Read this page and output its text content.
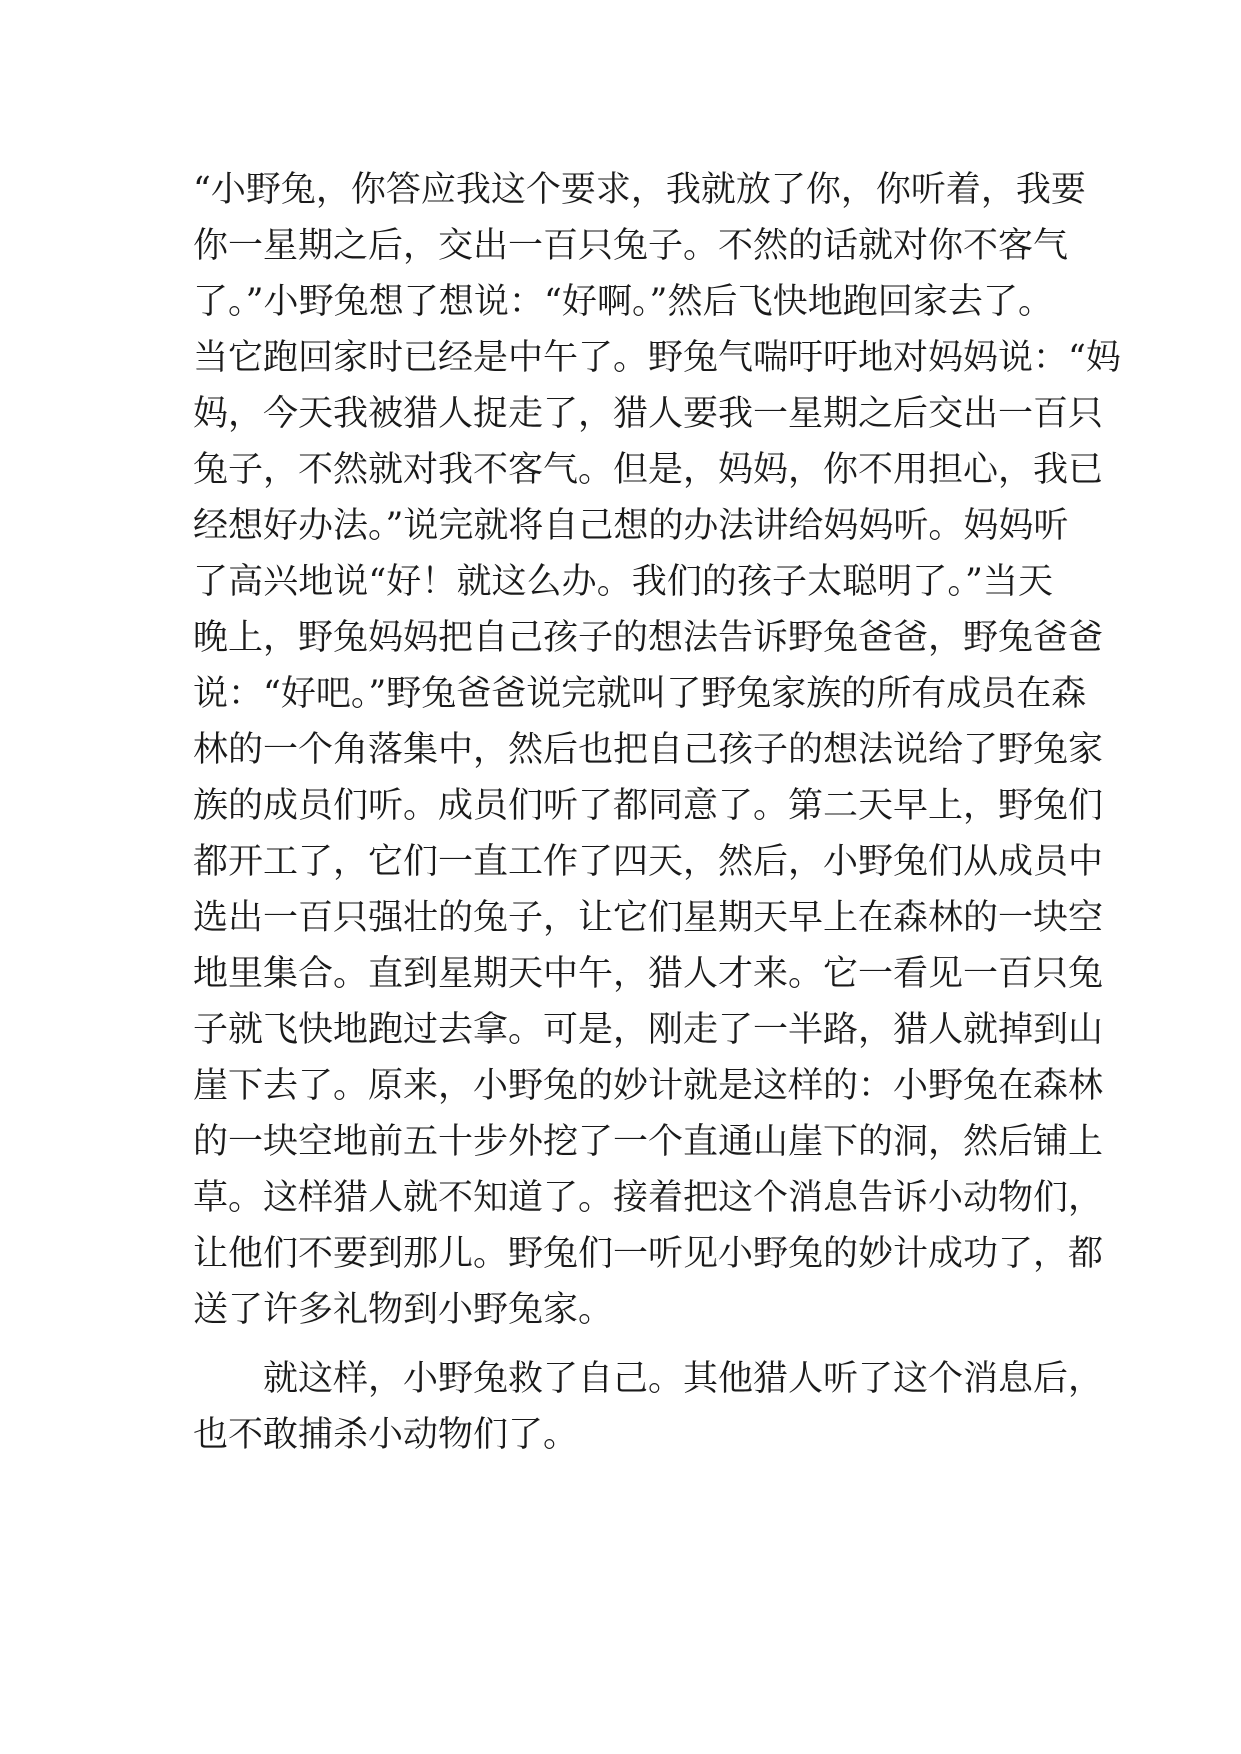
“小野兔，你答应我这个要求，我就放了你，你听着，我要
你一星期之后，交出一百只兔子。不然的话就对你不客气
了。”小野兔想了想说：“好啊。”然后飞快地跑回家去了。
当它跑回家时已经是中午了。野兔气喘吁吁地对妈妈说：“妈
妈，今天我被猎人捉走了，猎人要我一星期之后交出一百只
兔子，不然就对我不客气。但是，妈妈，你不用担心，我已
经想好办法。”说完就将自己想的办法讲给妈妈听。妈妈听
了高兴地说“好！就这么办。我们的孩子太聪明了。”当天
晚上，野兔妈妈把自己孩子的想法告诉野兔爸爸，野兔爸爸
说：“好吧。”野兔爸爸说完就叫了野兔家族的所有成员在森
林的一个角落集中，然后也把自己孩子的想法说给了野兔家
族的成员们听。成员们听了都同意了。第二天早上，野兔们
都开工了，它们一直工作了四天，然后，小野兔们从成员中
选出一百只强壮的兔子，让它们星期天早上在森林的一块空
地里集合。直到星期天中午，猎人才来。它一看见一百只兔
子就飞快地跑过去拿。可是，刚走了一半路，猎人就掉到山
崖下去了。原来，小野兔的妙计就是这样的：小野兔在森林
的一块空地前五十步外挖了一个直通山崖下的洞，然后铺上
草。这样猎人就不知道了。接着把这个消息告诉小动物们，
让他们不要到那儿。野兔们一听见小野兔的妙计成功了，都
送了许多礼物到小野兔家。
就这样，小野兔救了自己。其他猎人听了这个消息后，
也不敢捕杀小动物们了。
